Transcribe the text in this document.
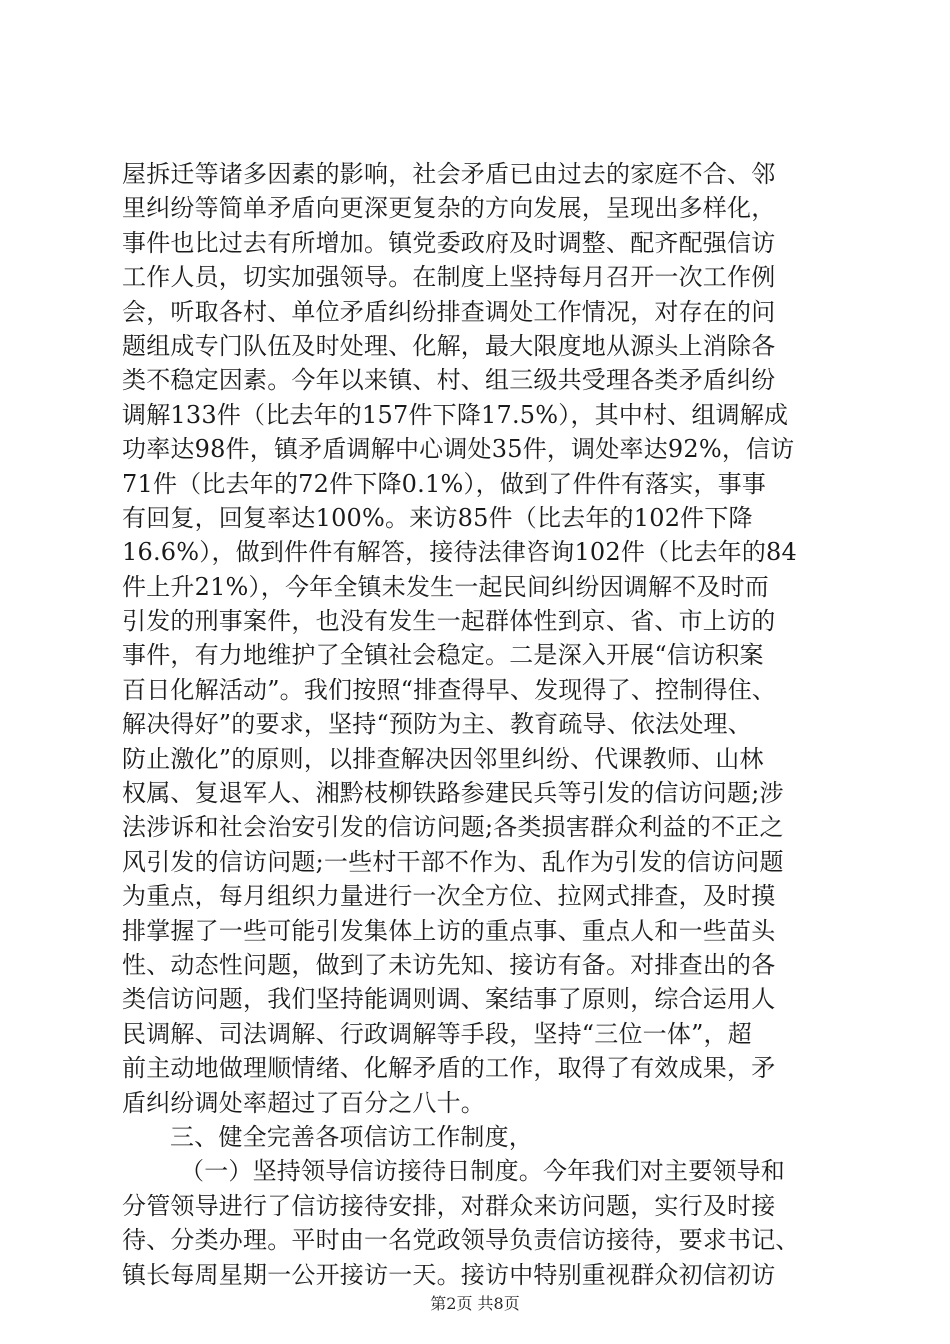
屋拆迁等诸多因素的影响，社会矛盾已由过去的家庭不合、邻
里纠纷等简单矛盾向更深更复杂的方向发展，呈现出多样化，
事件也比过去有所增加。镇党委政府及时调整、配齐配强信访
工作人员，切实加强领导。在制度上坚持每月召开一次工作例
会，听取各村、单位矛盾纠纷排查调处工作情况，对存在的问
题组成专门队伍及时处理、化解，最大限度地从源头上消除各
类不稳定因素。今年以来镇、村、组三级共受理各类矛盾纠纷
调解133件（比去年的157件下降17.5%），其中村、组调解成
功率达98件，镇矛盾调解中心调处35件，调处率达92%，信访
71件（比去年的72件下降0.1%），做到了件件有落实，事事
有回复，回复率达100%。来访85件（比去年的102件下降
16.6%），做到件件有解答，接待法律咨询102件（比去年的84
件上升21%），今年全镇未发生一起民间纠纷因调解不及时而
引发的刑事案件，也没有发生一起群体性到京、省、市上访的
事件，有力地维护了全镇社会稳定。二是深入开展“信访积案
百日化解活动”。我们按照“排查得早、发现得了、控制得住、
解决得好”的要求，坚持“预防为主、教育疏导、依法处理、
防止激化”的原则，以排查解决因邻里纠纷、代课教师、山林
权属、复退军人、湘黔枝柳铁路参建民兵等引发的信访问题;涉
法涉诉和社会治安引发的信访问题;各类损害群众利益的不正之
风引发的信访问题;一些村干部不作为、乱作为引发的信访问题
为重点，每月组织力量进行一次全方位、拉网式排查，及时摸
排掌握了一些可能引发集体上访的重点事、重点人和一些苗头
性、动态性问题，做到了未访先知、接访有备。对排查出的各
类信访问题，我们坚持能调则调、案结事了原则，综合运用人
民调解、司法调解、行政调解等手段，坚持“三位一体”，超
前主动地做理顺情绪、化解矛盾的工作，取得了有效成果，矛
盾纠纷调处率超过了百分之八十。
三、健全完善各项信访工作制度，
（一）坚持领导信访接待日制度。今年我们对主要领导和
分管领导进行了信访接待安排，对群众来访问题，实行及时接
待、分类办理。平时由一名党政领导负责信访接待，要求书记、
镇长每周星期一公开接访一天。接访中特别重视群众初信初访
第2页 共8页
